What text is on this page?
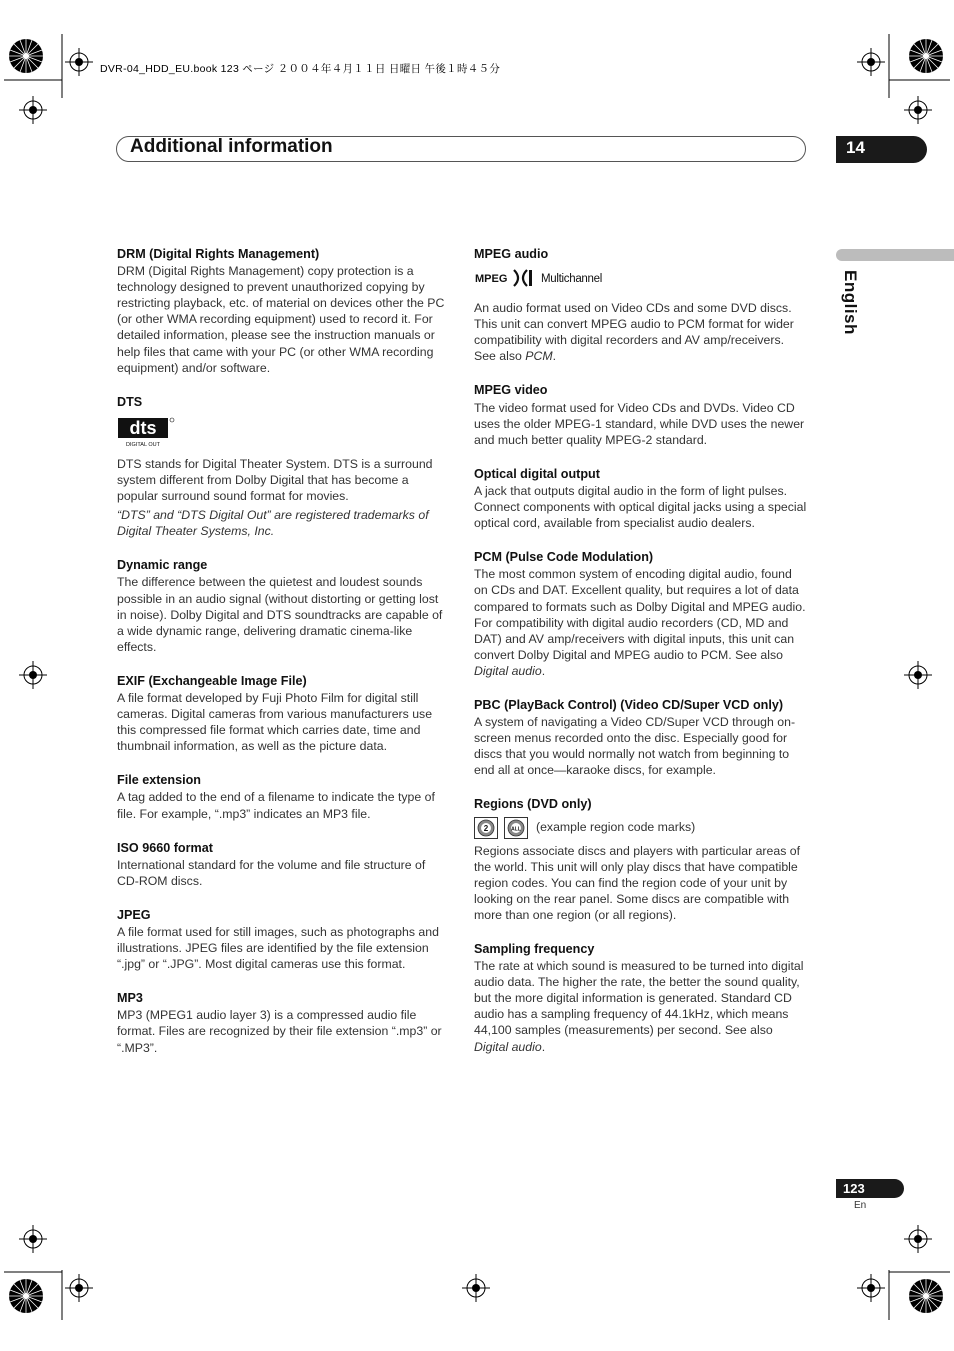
DVR-04_HDD_EU.book 123 ページ ２００４年４月１１日 日曜日 午後１時４５分
Additional information	14
English

DRM (Digital Rights Management)

DRM (Digital Rights Management) copy protection is a technology designed to prevent unauthorized copying by restricting playback, etc. of material on devices other the PC (or other WMA recording equipment) used to record it. For detailed information, please see the instruction manuals or help files that came with your PC (or other WMA recording equipment) and/or software.

DTS

dts
DIGITAL OUT

DTS stands for Digital Theater System. DTS is a surround system different from Dolby Digital that has become a popular surround sound format for movies.

“DTS” and “DTS Digital Out” are registered trademarks of Digital Theater Systems, Inc.

Dynamic range

The difference between the quietest and loudest sounds possible in an audio signal (without distorting or getting lost in noise). Dolby Digital and DTS soundtracks are capable of a wide dynamic range, delivering dramatic cinema-like effects.

EXIF (Exchangeable Image File)

A file format developed by Fuji Photo Film for digital still cameras. Digital cameras from various manufacturers use this compressed file format which carries date, time and thumbnail information, as well as the picture data.

File extension

A tag added to the end of a filename to indicate the type of file. For example, “.mp3” indicates an MP3 file.

ISO 9660 format

International standard for the volume and file structure of CD-ROM discs.

JPEG

A file format used for still images, such as photographs and illustrations. JPEG files are identified by the file extension “.jpg” or “.JPG”. Most digital cameras use this format.

MP3

MP3 (MPEG1 audio layer 3) is a compressed audio file format. Files are recognized by their file extension “.mp3” or “.MP3”.

MPEG audio

MPEG	Multichannel

An audio format used on Video CDs and some DVD discs. This unit can convert MPEG audio to PCM format for wider compatibility with digital recorders and AV amp/receivers. See also PCM.

MPEG video

The video format used for Video CDs and DVDs. Video CD uses the older MPEG-1 standard, while DVD uses the newer and much better quality MPEG-2 standard.

Optical digital output

A jack that outputs digital audio in the form of light pulses. Connect components with optical digital jacks using a special optical cord, available from specialist audio dealers.

PCM (Pulse Code Modulation)

The most common system of encoding digital audio, found on CDs and DAT. Excellent quality, but requires a lot of data compared to formats such as Dolby Digital and MPEG audio. For compatibility with digital audio recorders (CD, MD and DAT) and AV amp/receivers with digital inputs, this unit can convert Dolby Digital and MPEG audio to PCM. See also Digital audio.

PBC (PlayBack Control) (Video CD/Super VCD only)

A system of navigating a Video CD/Super VCD through on-screen menus recorded onto the disc. Especially good for discs that you would normally not watch from beginning to end all at once—karaoke discs, for example.

Regions (DVD only)

2	ALL (example region code marks)

Regions associate discs and players with particular areas of the world. This unit will only play discs that have compatible region codes. You can find the region code of your unit by looking on the rear panel. Some discs are compatible with more than one region (or all regions).

Sampling frequency

The rate at which sound is measured to be turned into digital audio data. The higher the rate, the better the sound quality, but the more digital information is generated. Standard CD audio has a sampling frequency of 44.1kHz, which means 44,100 samples (measurements) per second. See also Digital audio.

123
En
